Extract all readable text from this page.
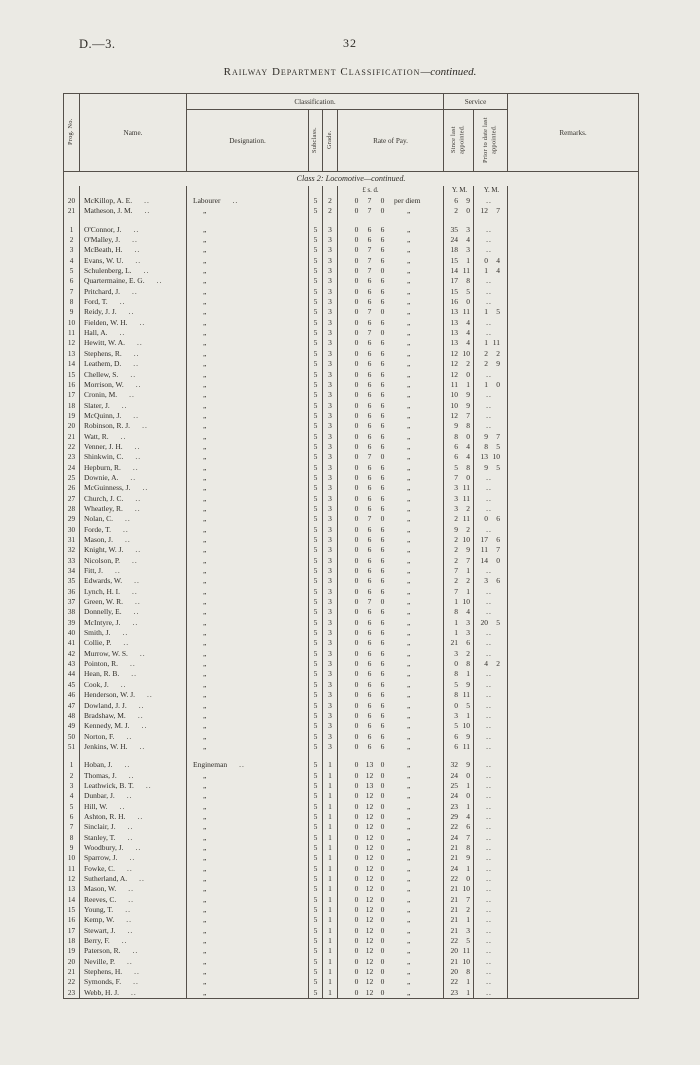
D.—3.	32
Railway Department Classification—continued.
Prog. No.	Name.	Classification.				Service		Remarks.
		Designation.	Subclass.	Grade.	Rate of Pay.	Since last appointed.	Prior to date last appointed.	
Class 2: Locomotive—continued.								
					£ s. d.	Y. M.	Y. M.	
20	McKillop, A. E. ..	Labourer ..	5	2	0 7 0 per diem	6 9	..	
21	Matheson, J. M. ..	„	5	2	0 7 0 „	2 0	12 7	

1	O'Connor, J. ..	„	5	3	0 6 6 „	35 3	..	
2	O'Malley, J. ..	„	5	3	0 6 6 „	24 4	..	
3	McBeath, H. ..	„	5	3	0 7 6 „	18 3	..	
4	Evans, W. U. ..	„	5	3	0 7 6 „	15 1	0 4	
5	Schulenberg, L. ..	„	5	3	0 7 0 „	14 11	1 4	
6	Quartermaine, E. G. ..	„	5	3	0 6 6 „	17 8	..	
7	Pritchard, J. ..	„	5	3	0 6 6 „	15 5	..	
8	Ford, T. ..	„	5	3	0 6 6 „	16 0	..	
9	Reidy, J. J. ..	„	5	3	0 7 0 „	13 11	1 5	
10	Fielden, W. H. ..	„	5	3	0 6 6 „	13 4	..	
11	Hall, A. ..	„	5	3	0 7 0 „	13 4	..	
12	Hewitt, W. A. ..	„	5	3	0 6 6 „	13 4	1 11	
13	Stephens, R. ..	„	5	3	0 6 6 „	12 10	2 2	
14	Leathem, D. ..	„	5	3	0 6 6 „	12 2	2 9	
15	Chellew, S. ..	„	5	3	0 6 6 „	12 0	..	
16	Morrison, W. ..	„	5	3	0 6 6 „	11 1	1 0	
17	Cronin, M. ..	„	5	3	0 6 6 „	10 9	..	
18	Slater, J. ..	„	5	3	0 6 6 „	10 9	..	
19	McQuinn, J. ..	„	5	3	0 6 6 „	12 7	..	
20	Robinson, R. J. ..	„	5	3	0 6 6 „	9 8	..	
21	Watt, R. ..	„	5	3	0 6 6 „	8 0	9 7	
22	Venner, J. H. ..	„	5	3	0 6 6 „	6 4	8 5	
23	Shinkwin, C. ..	„	5	3	0 7 0 „	6 4	13 10	
24	Hepburn, R. ..	„	5	3	0 6 6 „	5 8	9 5	
25	Downie, A. ..	„	5	3	0 6 6 „	7 0	..	
26	McGuinness, J. ..	„	5	3	0 6 6 „	3 11	..	
27	Church, J. C. ..	„	5	3	0 6 6 „	3 11	..	
28	Wheatley, R. ..	„	5	3	0 6 6 „	3 2	..	
29	Nolan, C. ..	„	5	3	0 7 0 „	2 11	0 6	
30	Forde, T. ..	„	5	3	0 6 6 „	9 2	..	
31	Mason, J. ..	„	5	3	0 6 6 „	2 10	17 6	
32	Knight, W. J. ..	„	5	3	0 6 6 „	2 9	11 7	
33	Nicolson, P. ..	„	5	3	0 6 6 „	2 7	14 0	
34	Fitt, J. ..	„	5	3	0 6 6 „	7 1	..	
35	Edwards, W. ..	„	5	3	0 6 6 „	2 2	3 6	
36	Lynch, H. I. ..	„	5	3	0 6 6 „	7 1	..	
37	Green, W. R. ..	„	5	3	0 7 0 „	1 10	..	
38	Donnelly, E. ..	„	5	3	0 6 6 „	8 4	..	
39	McIntyre, J. ..	„	5	3	0 6 6 „	1 3	20 5	
40	Smith, J. ..	„	5	3	0 6 6 „	1 3	..	
41	Collie, P. ..	„	5	3	0 6 6 „	21 6	..	
42	Murrow, W. S. ..	„	5	3	0 6 6 „	3 2	..	
43	Pointon, R. ..	„	5	3	0 6 6 „	0 8	4 2	
44	Hean, R. B. ..	„	5	3	0 6 6 „	8 1	..	
45	Cook, J. ..	„	5	3	0 6 6 „	5 9	..	
46	Henderson, W. J. ..	„	5	3	0 6 6 „	8 11	..	
47	Dowland, J. J. ..	„	5	3	0 6 6 „	0 5	..	
48	Bradshaw, M. ..	„	5	3	0 6 6 „	3 1	..	
49	Kennedy, M. J. ..	„	5	3	0 6 6 „	5 10	..	
50	Norton, F. ..	„	5	3	0 6 6 „	6 9	..	
51	Jenkins, W. H. ..	„	5	3	0 6 6 „	6 11	..	

1	Hoban, J. ..	Engineman ..	5	1	0 13 0 „	32 9	..	
2	Thomas, J. ..	„	5	1	0 12 0 „	24 0	..	
3	Leathwick, B. T. ..	„	5	1	0 13 0 „	25 1	..	
4	Dunbar, J. ..	„	5	1	0 12 0 „	24 0	..	
5	Hill, W. ..	„	5	1	0 12 0 „	23 1	..	
6	Ashton, R. H. ..	„	5	1	0 12 0 „	29 4	..	
7	Sinclair, J. ..	„	5	1	0 12 0 „	22 6	..	
8	Stanley, T. ..	„	5	1	0 12 0 „	24 7	..	
9	Woodbury, J. ..	„	5	1	0 12 0 „	21 8	..	
10	Sparrow, J. ..	„	5	1	0 12 0 „	21 9	..	
11	Fowke, C. ..	„	5	1	0 12 0 „	24 1	..	
12	Sutherland, A. ..	„	5	1	0 12 0 „	22 0	..	
13	Mason, W. ..	„	5	1	0 12 0 „	21 10	..	
14	Reeves, C. ..	„	5	1	0 12 0 „	21 7	..	
15	Young, T. ..	„	5	1	0 12 0 „	21 2	..	
16	Kemp, W. ..	„	5	1	0 12 0 „	21 1	..	
17	Stewart, J. ..	„	5	1	0 12 0 „	21 3	..	
18	Berry, F. ..	„	5	1	0 12 0 „	22 5	..	
19	Paterson, R. ..	„	5	1	0 12 0 „	20 11	..	
20	Neville, P. ..	„	5	1	0 12 0 „	21 10	..	
21	Stephens, H. ..	„	5	1	0 12 0 „	20 8	..	
22	Symonds, F. ..	„	5	1	0 12 0 „	22 1	..	
23	Webb, H. J. ..	„	5	1	0 12 0 „	23 1	..	
